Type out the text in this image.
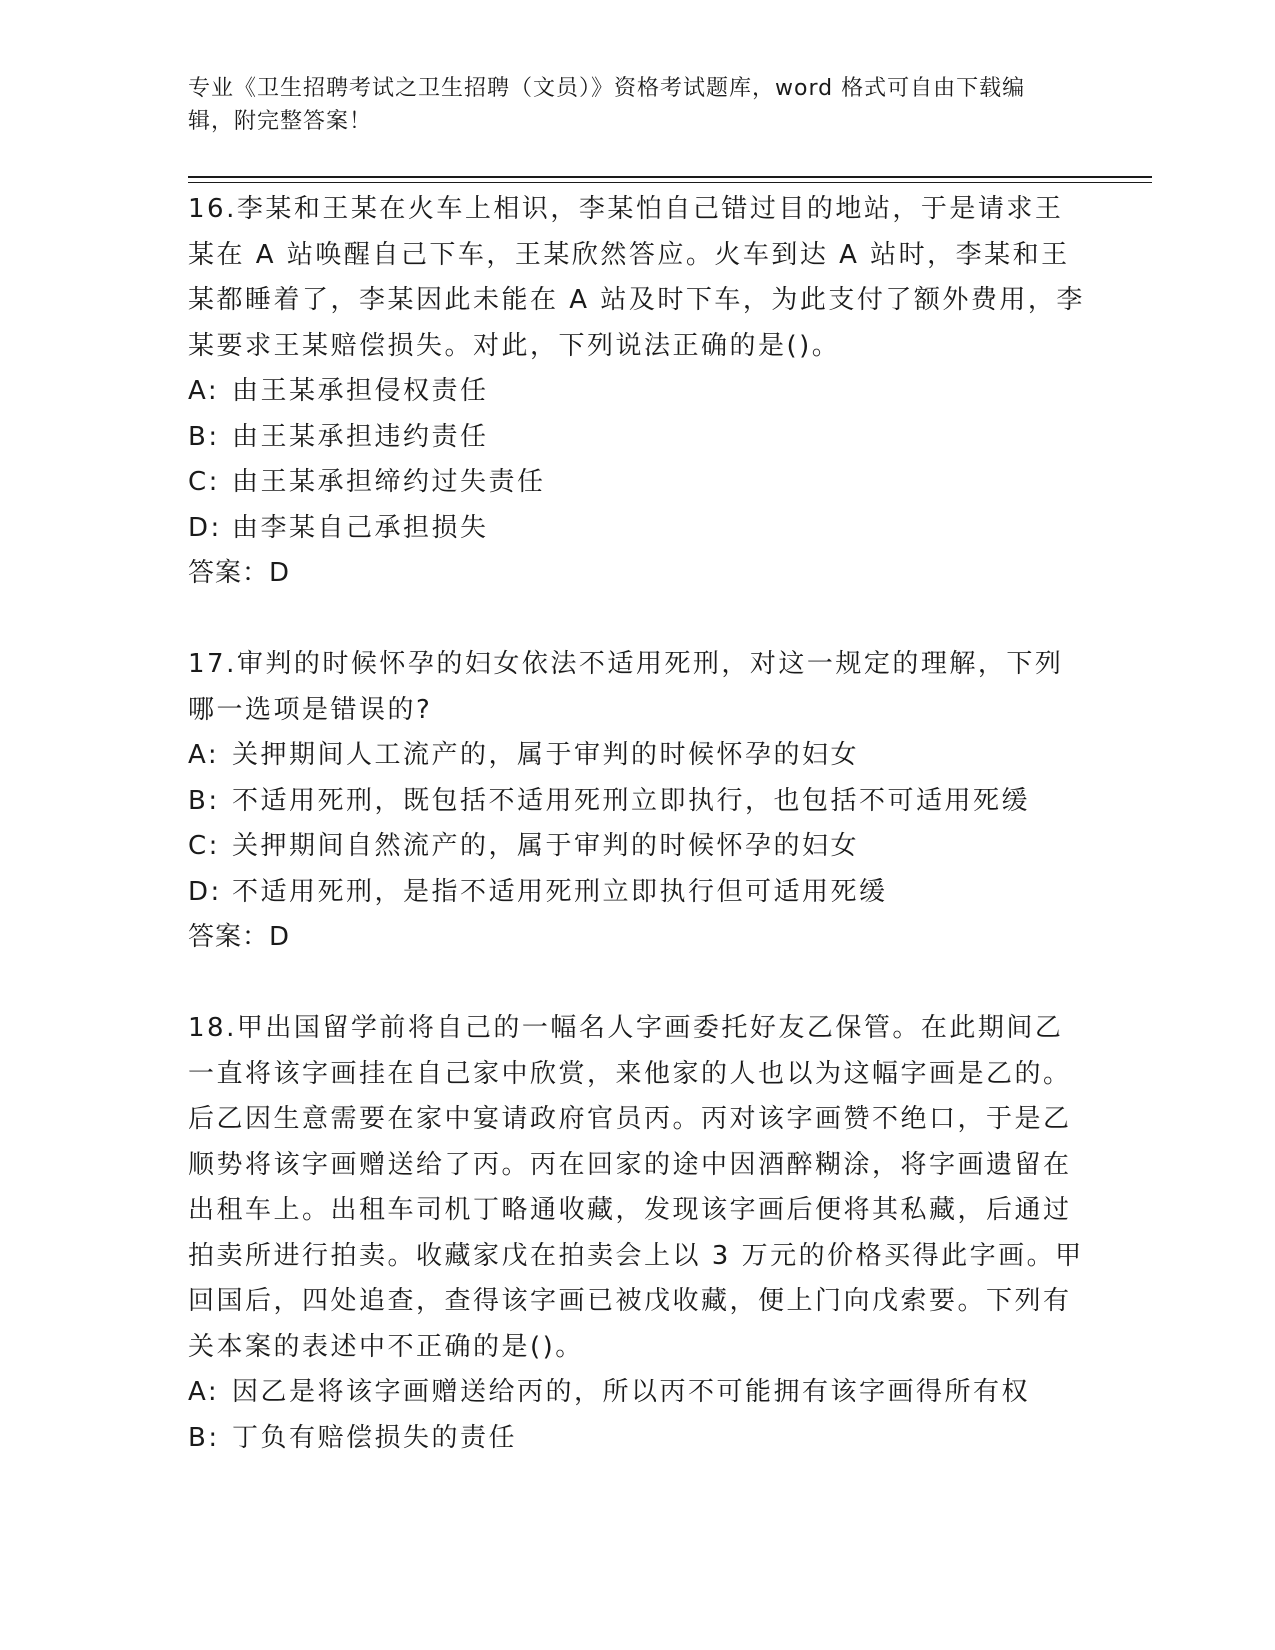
专业《卫生招聘考试之卫生招聘（文员）》资格考试题库，word 格式可自由下载编辑，附完整答案！

16.李某和王某在火车上相识，李某怕自己错过目的地站，于是请求王某在 A 站唤醒自己下车，王某欣然答应。火车到达 A 站时，李某和王某都睡着了，李某因此未能在 A 站及时下车，为此支付了额外费用，李某要求王某赔偿损失。对此，下列说法正确的是()。

A: 由王某承担侵权责任

B: 由王某承担违约责任

C: 由王某承担缔约过失责任

D: 由李某自己承担损失

答案：D

17.审判的时候怀孕的妇女依法不适用死刑，对这一规定的理解，下列哪一选项是错误的?

A: 关押期间人工流产的，属于审判的时候怀孕的妇女

B: 不适用死刑，既包括不适用死刑立即执行，也包括不可适用死缓

C: 关押期间自然流产的，属于审判的时候怀孕的妇女

D: 不适用死刑，是指不适用死刑立即执行但可适用死缓

答案：D

18.甲出国留学前将自己的一幅名人字画委托好友乙保管。在此期间乙一直将该字画挂在自己家中欣赏，来他家的人也以为这幅字画是乙的。后乙因生意需要在家中宴请政府官员丙。丙对该字画赞不绝口，于是乙顺势将该字画赠送给了丙。丙在回家的途中因酒醉糊涂，将字画遗留在出租车上。出租车司机丁略通收藏，发现该字画后便将其私藏，后通过拍卖所进行拍卖。收藏家戊在拍卖会上以 3 万元的价格买得此字画。甲回国后，四处追查，查得该字画已被戊收藏，便上门向戊索要。下列有关本案的表述中不正确的是()。

A: 因乙是将该字画赠送给丙的，所以丙不可能拥有该字画得所有权

B: 丁负有赔偿损失的责任
